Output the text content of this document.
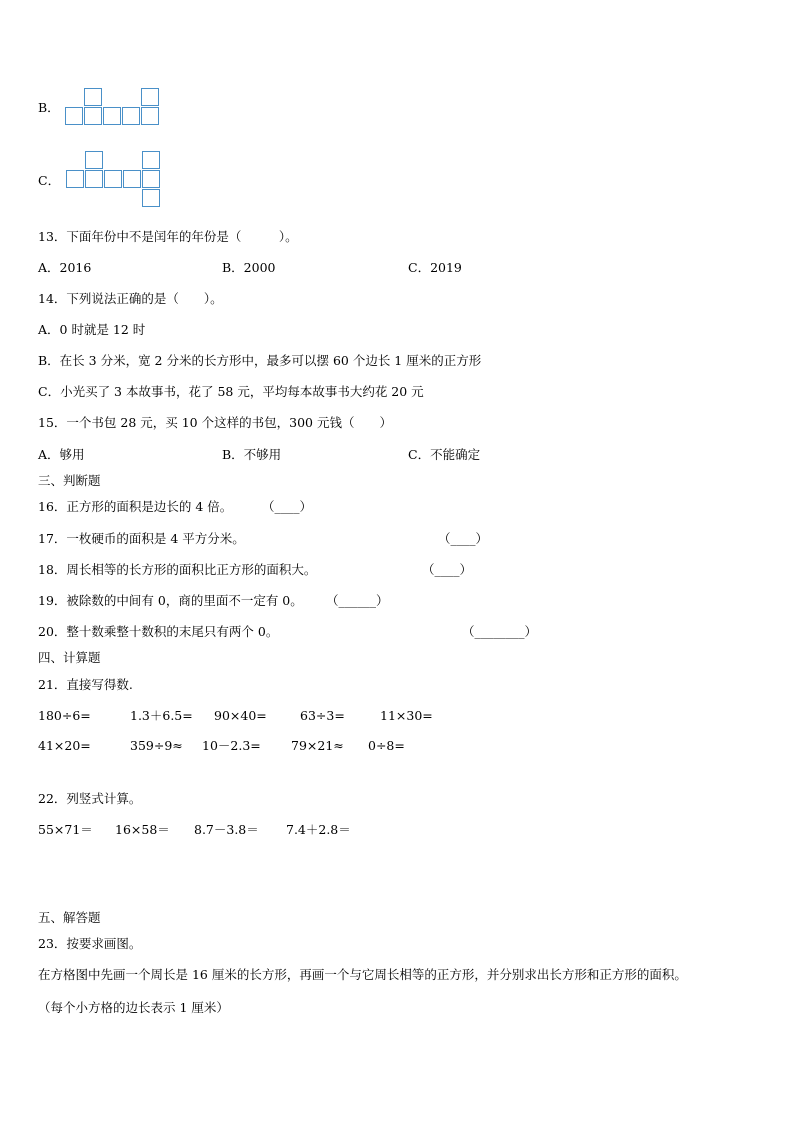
B．
C．
13．下面年份中不是闰年的年份是（　　　）。
A．2016	B．2000	C．2019
14．下列说法正确的是（　　）。
A．0 时就是 12 时
B．在长 3 分米，宽 2 分米的长方形中，最多可以摆 60 个边长 1 厘米的正方形
C．小光买了 3 本故事书，花了 58 元，平均每本故事书大约花 20 元
15．一个书包 28 元，买 10 个这样的书包，300 元钱（　　）
A．够用	B．不够用	C．不能确定
三、判断题
16．正方形的面积是边长的 4 倍。 （____）
17．一枚硬币的面积是 4 平方分米。	（____）
18．周长相等的长方形的面积比正方形的面积大。	（____）
19．被除数的中间有 0，商的里面不一定有 0。 （______）
20．整十数乘整十数积的末尾只有两个 0。	（________）
四、计算题
21．直接写得数.
180÷6=	1.3＋6.5= 90×40=	63÷3=	11×30=
41×20=	359÷9≈ 10－2.3= 79×21≈ 0÷8=
22．列竖式计算。
55×71＝ 16×58＝ 8.7－3.8＝ 7.4＋2.8＝
五、解答题
23．按要求画图。
在方格图中先画一个周长是 16 厘米的长方形，再画一个与它周长相等的正方形，并分别求出长方形和正方形的面积。
（每个小方格的边长表示 1 厘米）
